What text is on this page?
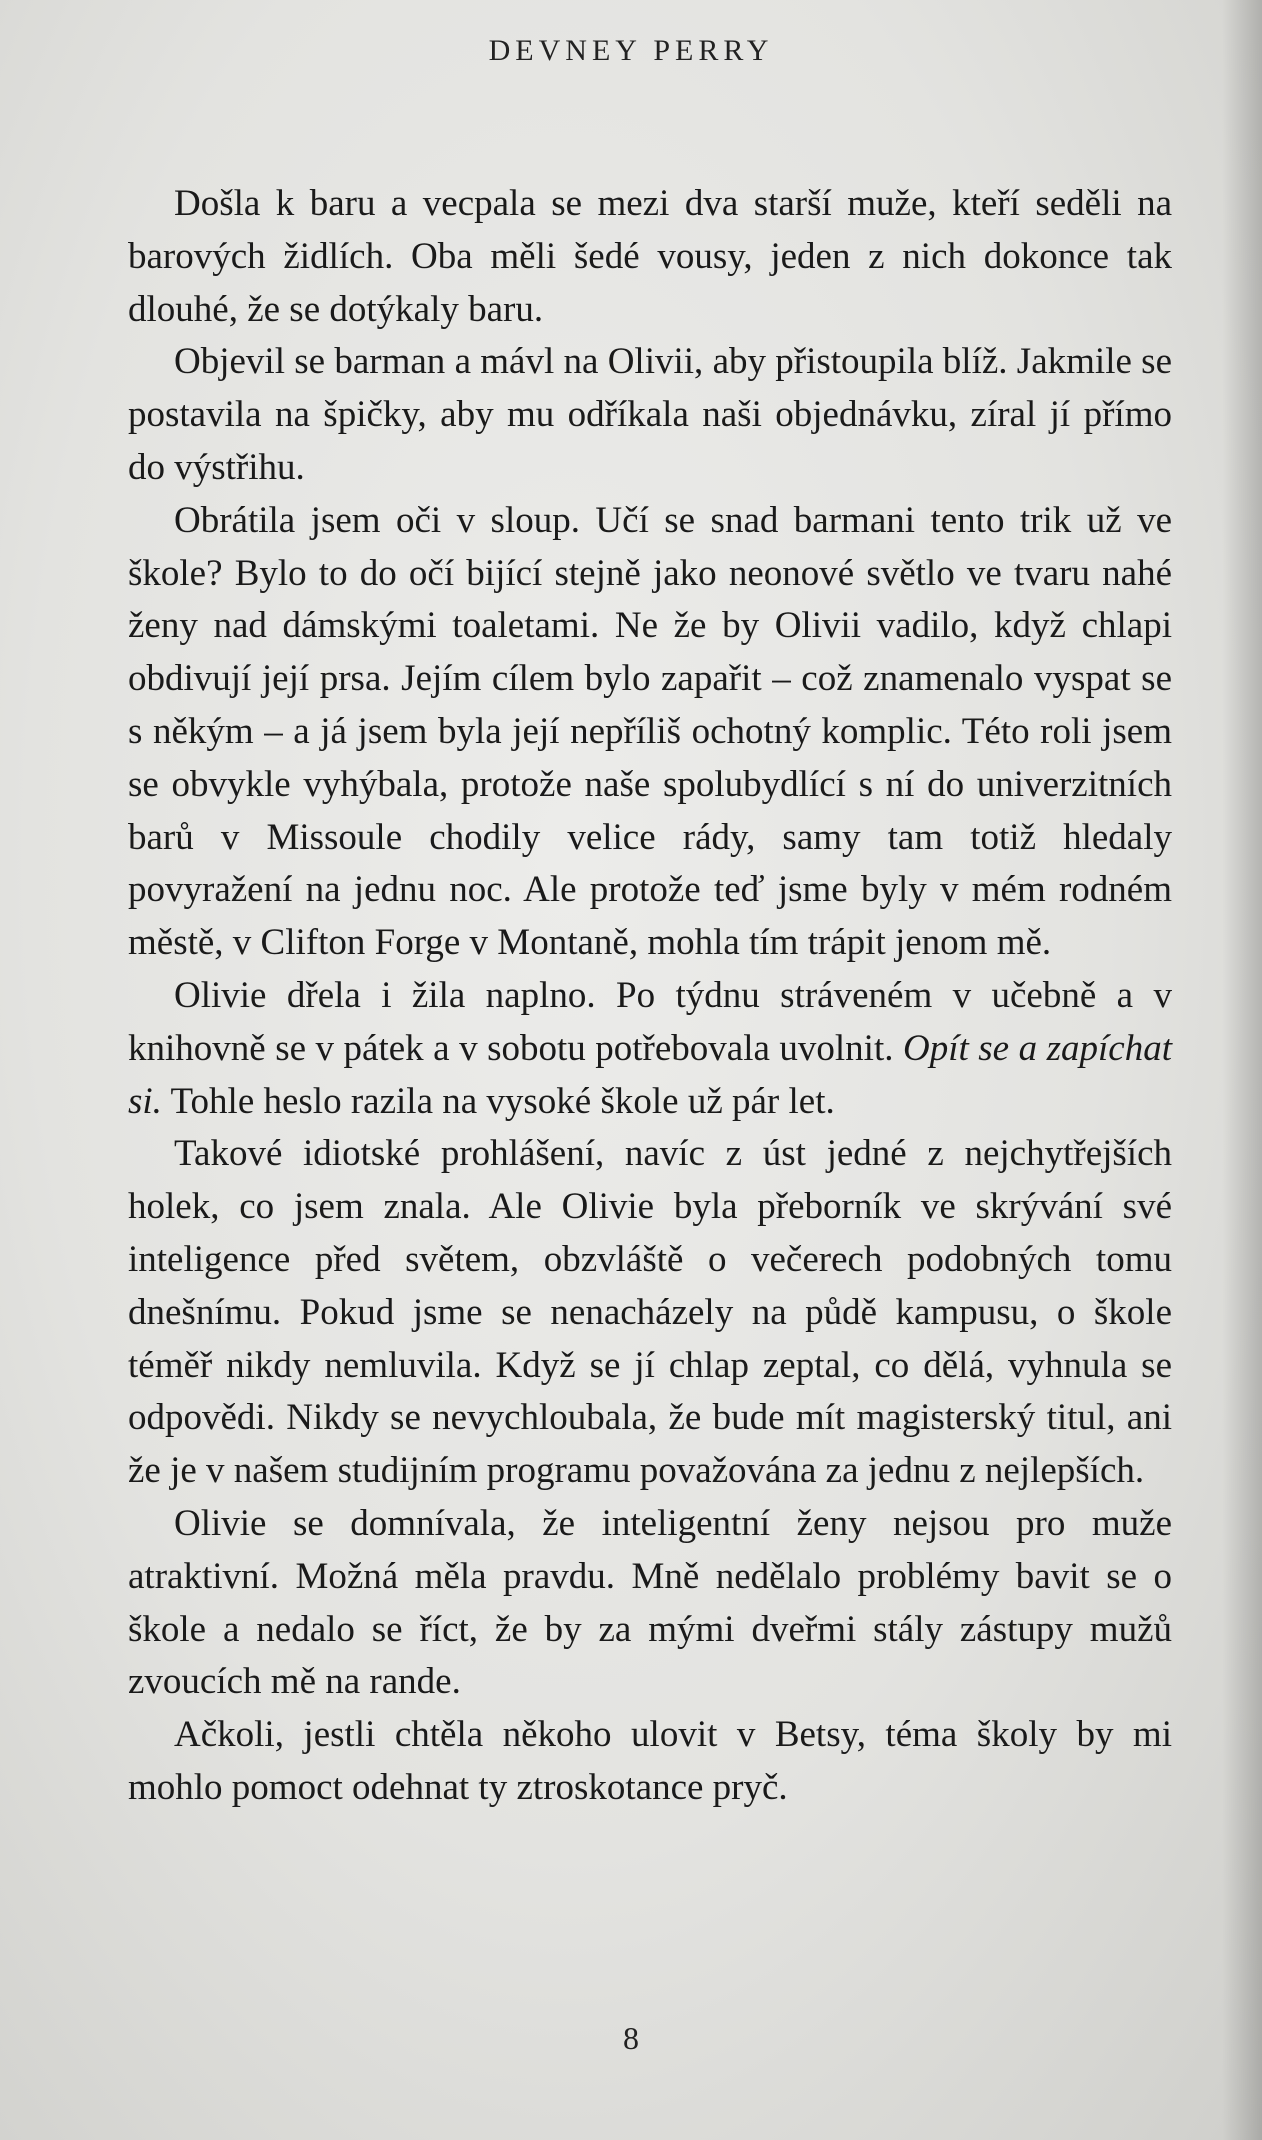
DEVNEY PERRY

Došla k baru a vecpala se mezi dva starší muže, kteří seděli na barových židlích. Oba měli šedé vousy, jeden z nich dokonce tak dlouhé, že se dotýkaly baru.

Objevil se barman a mávl na Olivii, aby přistoupila blíž. Jakmile se postavila na špičky, aby mu odříkala naši objednávku, zíral jí přímo do výstřihu.

Obrátila jsem oči v sloup. Učí se snad barmani tento trik už ve škole? Bylo to do očí bijící stejně jako neonové světlo ve tvaru nahé ženy nad dámskými toaletami. Ne že by Olivii vadilo, když chlapi obdivují její prsa. Jejím cílem bylo zapařit – což znamenalo vyspat se s někým – a já jsem byla její nepříliš ochotný komplic. Této roli jsem se obvykle vyhýbala, protože naše spolubydlící s ní do univerzitních barů v Missoule chodily velice rády, samy tam totiž hledaly povyražení na jednu noc. Ale protože teď jsme byly v mém rodném městě, v Clifton Forge v Montaně, mohla tím trápit jenom mě.

Olivie dřela i žila naplno. Po týdnu stráveném v učebně a v knihovně se v pátek a v sobotu potřebovala uvolnit. Opít se a zapíchat si. Tohle heslo razila na vysoké škole už pár let.

Takové idiotské prohlášení, navíc z úst jedné z nejchytřejších holek, co jsem znala. Ale Olivie byla přeborník ve skrývání své inteligence před světem, obzvláště o večerech podobných tomu dnešnímu. Pokud jsme se nenacházely na půdě kampusu, o škole téměř nikdy nemluvila. Když se jí chlap zeptal, co dělá, vyhnula se odpovědi. Nikdy se nevychloubala, že bude mít magisterský titul, ani že je v našem studijním programu považována za jednu z nejlepších.

Olivie se domnívala, že inteligentní ženy nejsou pro muže atraktivní. Možná měla pravdu. Mně nedělalo problémy bavit se o škole a nedalo se říct, že by za mými dveřmi stály zástupy mužů zvoucích mě na rande.

Ačkoli, jestli chtěla někoho ulovit v Betsy, téma školy by mi mohlo pomoct odehnat ty ztroskotance pryč.

8
